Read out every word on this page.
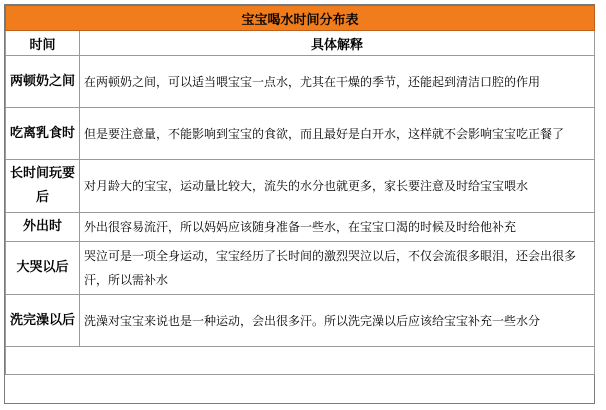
宝宝喝水时间分布表	
时间	具体解释
两顿奶之间	在两顿奶之间，可以适当喂宝宝一点水，尤其在干燥的季节，还能起到清洁口腔的作用
吃离乳食时	但是要注意量，不能影响到宝宝的食欲，而且最好是白开水，这样就不会影响宝宝吃正餐了
长时间玩要后	对月龄大的宝宝，运动量比较大，流失的水分也就更多，家长要注意及时给宝宝喂水
外出时	外出很容易流汗，所以妈妈应该随身准备一些水，在宝宝口渴的时候及时给他补充
大哭以后	哭泣可是一项全身运动，宝宝经历了长时间的激烈哭泣以后，不仅会流很多眼泪，还会出很多汗，所以需补水
洗完澡以后	洗澡对宝宝来说也是一种运动，会出很多汗。所以洗完澡以后应该给宝宝补充一些水分
